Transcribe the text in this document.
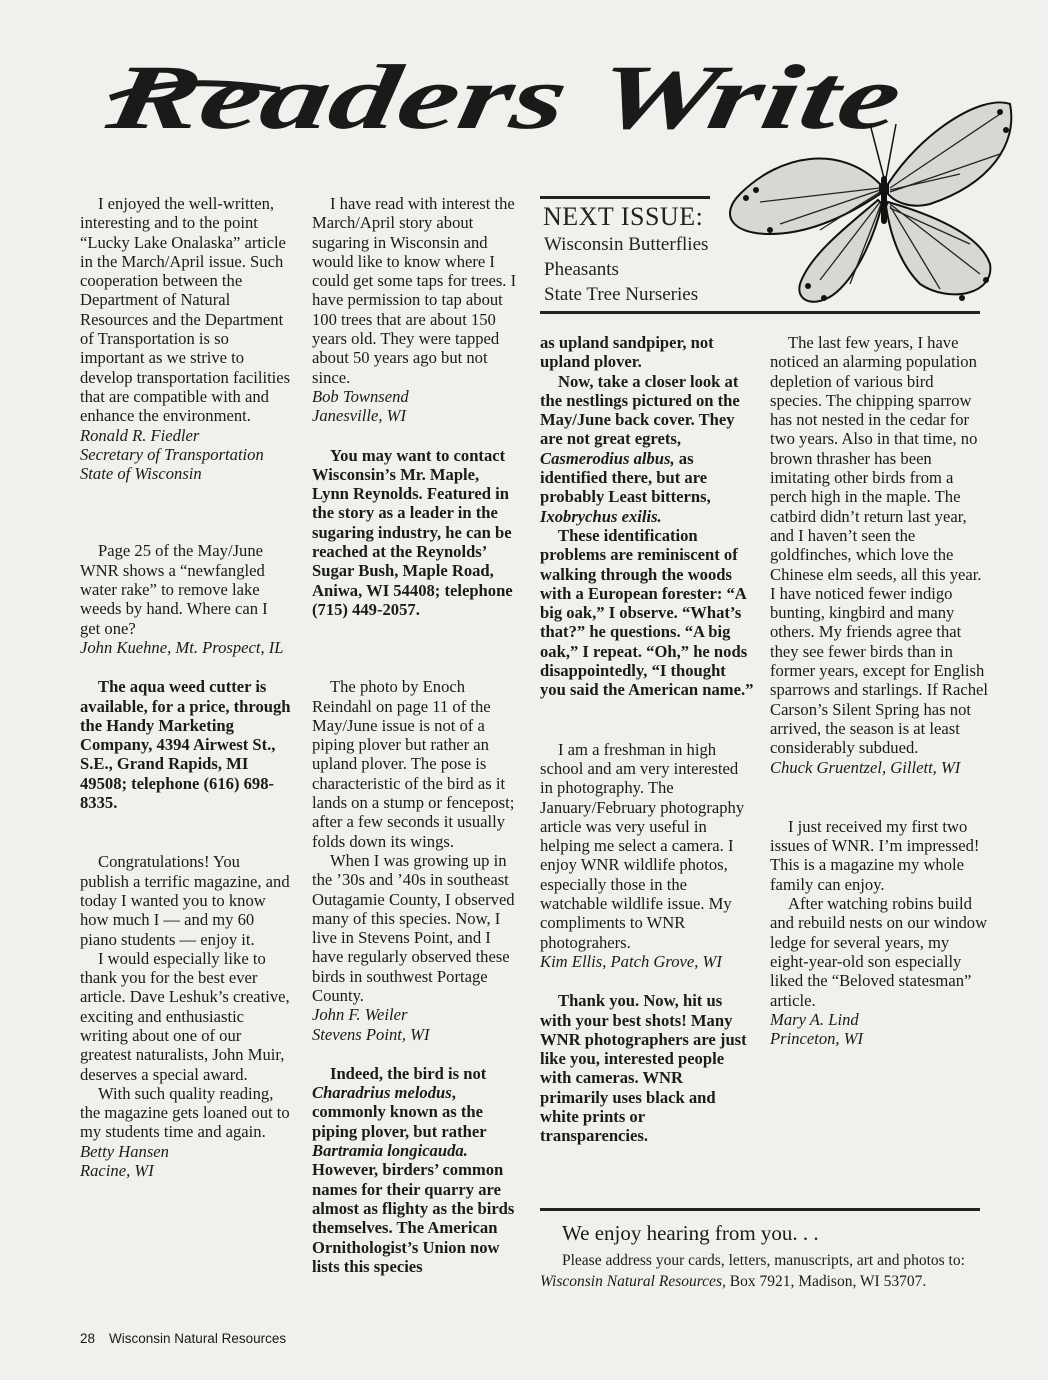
Readers Write

I enjoyed the well-written, interesting and to the point “Lucky Lake Onalaska” article in the March/April issue. Such cooperation between the Department of Natural Resources and the Department of Transportation is so important as we strive to develop transportation facilities that are compatible with and enhance the environment.

Ronald R. Fiedler

Secretary of Transportation

State of Wisconsin

Page 25 of the May/June WNR shows a “newfangled water rake” to remove lake weeds by hand. Where can I get one?

John Kuehne, Mt. Prospect, IL

The aqua weed cutter is available, for a price, through the Handy Marketing Company, 4394 Airwest St., S.E., Grand Rapids, MI 49508; telephone (616) 698-8335.

Congratulations! You publish a terrific magazine, and today I wanted you to know how much I — and my 60 piano students — enjoy it.

I would especially like to thank you for the best ever article. Dave Leshuk’s creative, exciting and enthusiastic writing about one of our greatest naturalists, John Muir, deserves a special award.

With such quality reading, the magazine gets loaned out to my students time and again.

Betty Hansen

Racine, WI

I have read with interest the March/April story about sugaring in Wisconsin and would like to know where I could get some taps for trees. I have permission to tap about 100 trees that are about 150 years old. They were tapped about 50 years ago but not since.

Bob Townsend

Janesville, WI

You may want to contact Wisconsin’s Mr. Maple, Lynn Reynolds. Featured in the story as a leader in the sugaring industry, he can be reached at the Reynolds’ Sugar Bush, Maple Road, Aniwa, WI 54408; telephone (715) 449-2057.

The photo by Enoch Reindahl on page 11 of the May/June issue is not of a piping plover but rather an upland plover. The pose is characteristic of the bird as it lands on a stump or fencepost; after a few seconds it usually folds down its wings.

When I was growing up in the ’30s and ’40s in southeast Outagamie County, I observed many of this species. Now, I live in Stevens Point, and I have regularly observed these birds in southwest Portage County.

John F. Weiler

Stevens Point, WI

Indeed, the bird is not Charadrius melodus, commonly known as the piping plover, but rather Bartramia longicauda. However, birders’ common names for their quarry are almost as flighty as the birds themselves. The American Ornithologist’s Union now lists this species

NEXT ISSUE:
Wisconsin Butterflies
Pheasants
State Tree Nurseries

as upland sandpiper, not upland plover.

Now, take a closer look at the nestlings pictured on the May/June back cover. They are not great egrets, Casmerodius albus, as identified there, but are probably Least bitterns, Ixobrychus exilis.

These identification problems are reminiscent of walking through the woods with a European forester: “A big oak,” I observe. “What’s that?” he questions. “A big oak,” I repeat. “Oh,” he nods disappointedly, “I thought you said the American name.”

I am a freshman in high school and am very interested in photography. The January/February photography article was very useful in helping me select a camera. I enjoy WNR wildlife photos, especially those in the watchable wildlife issue. My compliments to WNR photograhers.

Kim Ellis, Patch Grove, WI

Thank you. Now, hit us with your best shots! Many WNR photographers are just like you, interested people with cameras. WNR primarily uses black and white prints or transparencies.

The last few years, I have noticed an alarming population depletion of various bird species. The chipping sparrow has not nested in the cedar for two years. Also in that time, no brown thrasher has been imitating other birds from a perch high in the maple. The catbird didn’t return last year, and I haven’t seen the goldfinches, which love the Chinese elm seeds, all this year. I have noticed fewer indigo bunting, kingbird and many others. My friends agree that they see fewer birds than in former years, except for English sparrows and starlings. If Rachel Carson’s Silent Spring has not arrived, the season is at least considerably subdued.

Chuck Gruentzel, Gillett, WI

I just received my first two issues of WNR. I’m impressed! This is a magazine my whole family can enjoy.

After watching robins build and rebuild nests on our window ledge for several years, my eight-year-old son especially liked the “Beloved statesman” article.

Mary A. Lind

Princeton, WI

We enjoy hearing from you. . .
Please address your cards, letters, manuscripts, art and photos to: Wisconsin Natural Resources, Box 7921, Madison, WI 53707.
28 Wisconsin Natural Resources
